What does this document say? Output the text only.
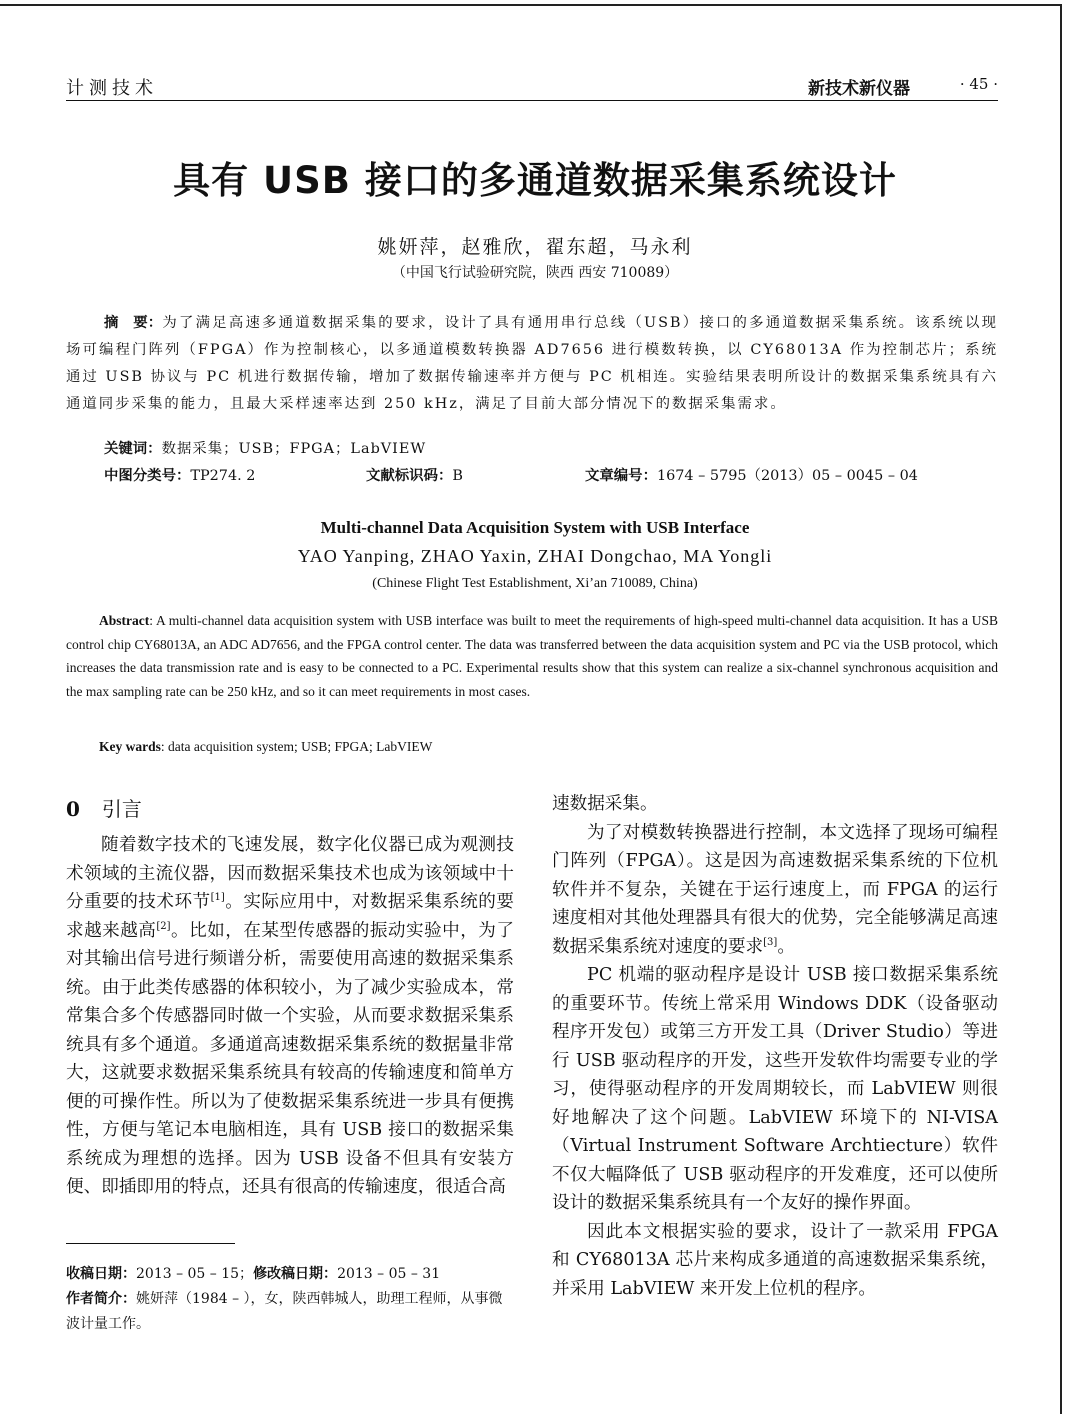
计测技术	新技术新仪器	· 45 ·
具有 USB 接口的多通道数据采集系统设计
姚妍萍，赵雅欣，翟东超，马永利
（中国飞行试验研究院，陕西 西安 710089）
摘　要：为了满足高速多通道数据采集的要求，设计了具有通用串行总线（USB）接口的多通道数据采集系统。该系统以现场可编程门阵列（FPGA）作为控制核心，以多通道模数转换器 AD7656 进行模数转换，以 CY68013A 作为控制芯片；系统通过 USB 协议与 PC 机进行数据传输，增加了数据传输速率并方便与 PC 机相连。实验结果表明所设计的数据采集系统具有六通道同步采集的能力，且最大采样速率达到 250 kHz，满足了目前大部分情况下的数据采集需求。
关键词：数据采集；USB；FPGA；LabVIEW
中图分类号：TP274. 2	文献标识码：B	文章编号：1674 – 5795（2013）05 – 0045 – 04
Multi-channel Data Acquisition System with USB Interface
YAO Yanping, ZHAO Yaxin, ZHAI Dongchao, MA Yongli
(Chinese Flight Test Establishment, Xi’an 710089, China)
Abstract: A multi-channel data acquisition system with USB interface was built to meet the requirements of high-speed multi-channel data acquisition. It has a USB control chip CY68013A, an ADC AD7656, and the FPGA control center. The data was transferred between the data acquisition system and PC via the USB protocol, which increases the data transmission rate and is easy to be connected to a PC. Experimental results show that this system can realize a six-channel synchronous acquisition and the max sampling rate can be 250 kHz, and so it can meet requirements in most cases.
Key wards: data acquisition system; USB; FPGA; LabVIEW
0 引言

随着数字技术的飞速发展，数字化仪器已成为观测技术领域的主流仪器，因而数据采集技术也成为该领域中十分重要的技术环节[1]。实际应用中，对数据采集系统的要求越来越高[2]。比如，在某型传感器的振动实验中，为了对其输出信号进行频谱分析，需要使用高速的数据采集系统。由于此类传感器的体积较小，为了减少实验成本，常常集合多个传感器同时做一个实验，从而要求数据采集系统具有多个通道。多通道高速数据采集系统的数据量非常大，这就要求数据采集系统具有较高的传输速度和简单方便的可操作性。所以为了使数据采集系统进一步具有便携性，方便与笔记本电脑相连，具有 USB 接口的数据采集系统成为理想的选择。因为 USB 设备不但具有安装方便、即插即用的特点，还具有很高的传输速度，很适合高

速数据采集。

为了对模数转换器进行控制，本文选择了现场可编程门阵列（FPGA）。这是因为高速数据采集系统的下位机软件并不复杂，关键在于运行速度上，而 FPGA 的运行速度相对其他处理器具有很大的优势，完全能够满足高速数据采集系统对速度的要求[3]。

PC 机端的驱动程序是设计 USB 接口数据采集系统的重要环节。传统上常采用 Windows DDK（设备驱动程序开发包）或第三方开发工具（Driver Studio）等进行 USB 驱动程序的开发，这些开发软件均需要专业的学习，使得驱动程序的开发周期较长，而 LabVIEW 则很好地解决了这个问题。LabVIEW 环境下的 NI-VISA（Virtual Instrument Software Archtiecture）软件不仅大幅降低了 USB 驱动程序的开发难度，还可以使所设计的数据采集系统具有一个友好的操作界面。

因此本文根据实验的要求，设计了一款采用 FPGA 和 CY68013A 芯片来构成多通道的高速数据采集系统，并采用 LabVIEW 来开发上位机的程序。

收稿日期：2013 – 05 – 15；修改稿日期：2013 – 05 – 31

作者简介：姚妍萍（1984 – ），女，陕西韩城人，助理工程师，从事微波计量工作。
